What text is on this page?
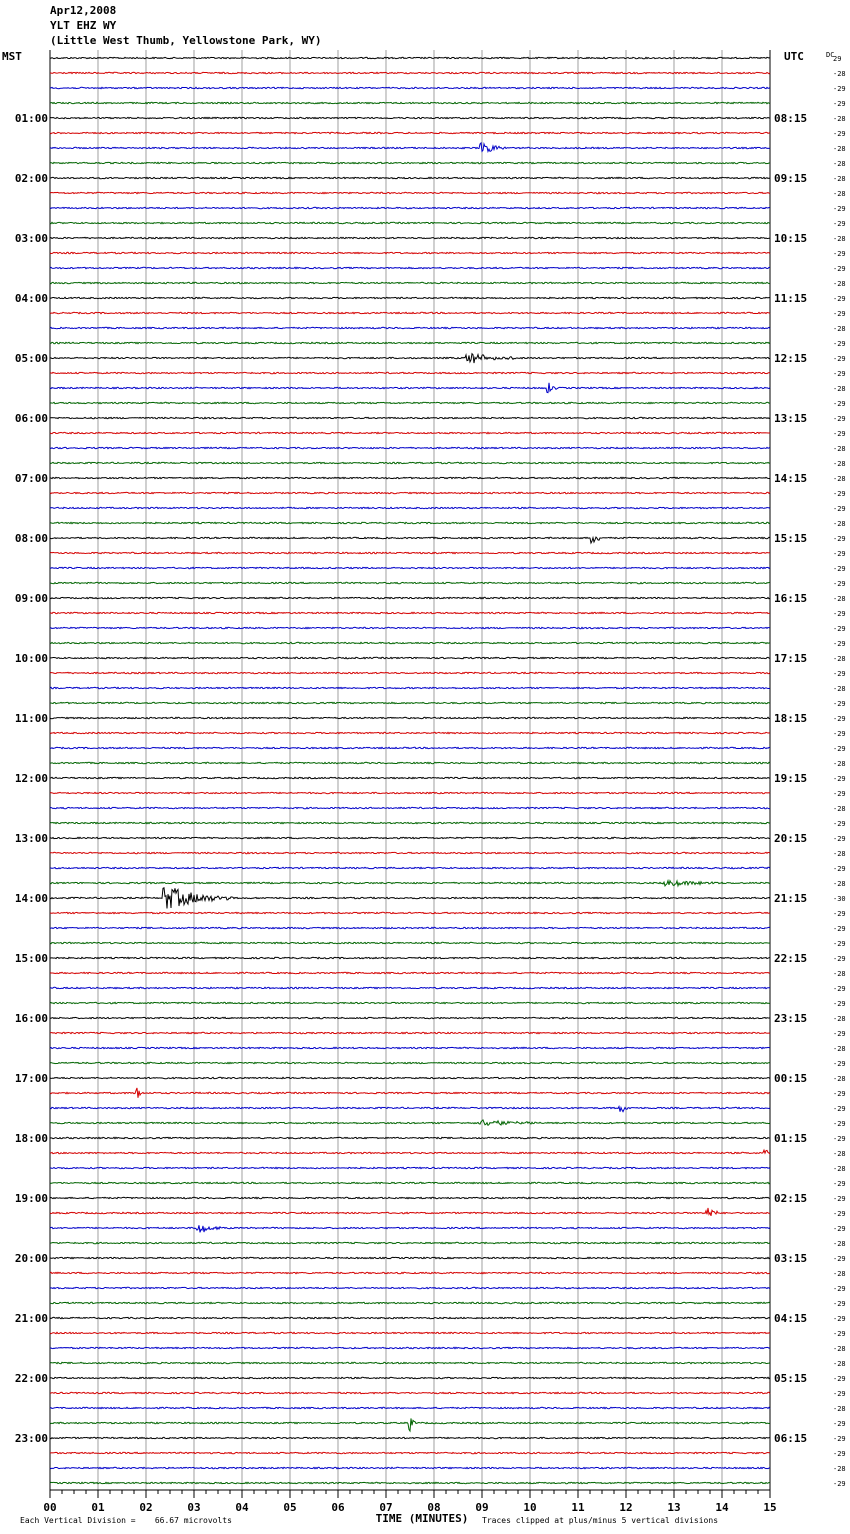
Apr12,2008
YLT EHZ WY
(Little West Thumb, Yellowstone Park, WY)
29
-28
-29
-29
-28
-29
-28
-28
-28
-28
-29
-29
-28
-29
-29
-28
-29
-29
-28
-29
-29
-29
-28
-29
-29
-29
-28
-28
-28
-29
-29
-28
-29
-29
-29
-29
-28
-29
-29
-29
-28
-29
-28
-29
-29
-29
-29
-28
-29
-29
-28
-29
-29
-28
-29
-28
-30
-29
-29
-29
-29
-28
-29
-29
-28
-29
-28
-29
-28
-29
-29
-29
-29
-28
-28
-29
-29
-29
-29
-28
-29
-28
-29
-29
-29
-29
-28
-28
-29
-29
-28
-29
-29
-29
-28
-29
MST	UTC	DC
01:00	08:15
02:00	09:15
03:00	10:15
04:00	11:15
05:00	12:15
06:00	13:15
07:00	14:15
08:00	15:15
09:00	16:15
10:00	17:15
11:00	18:15
12:00	19:15
13:00	20:15
14:00	21:15
15:00	22:15
16:00	23:15
17:00	00:15
18:00	01:15
19:00	02:15
20:00	03:15
21:00	04:15
22:00	05:15
23:00	06:15
00	01	02	03	04	05	06	07	08	09	10	11	12	13	14	15
TIME (MINUTES)
Each Vertical Division =    66.67 microvolts	Traces clipped at plus/minus 5 vertical divisions
